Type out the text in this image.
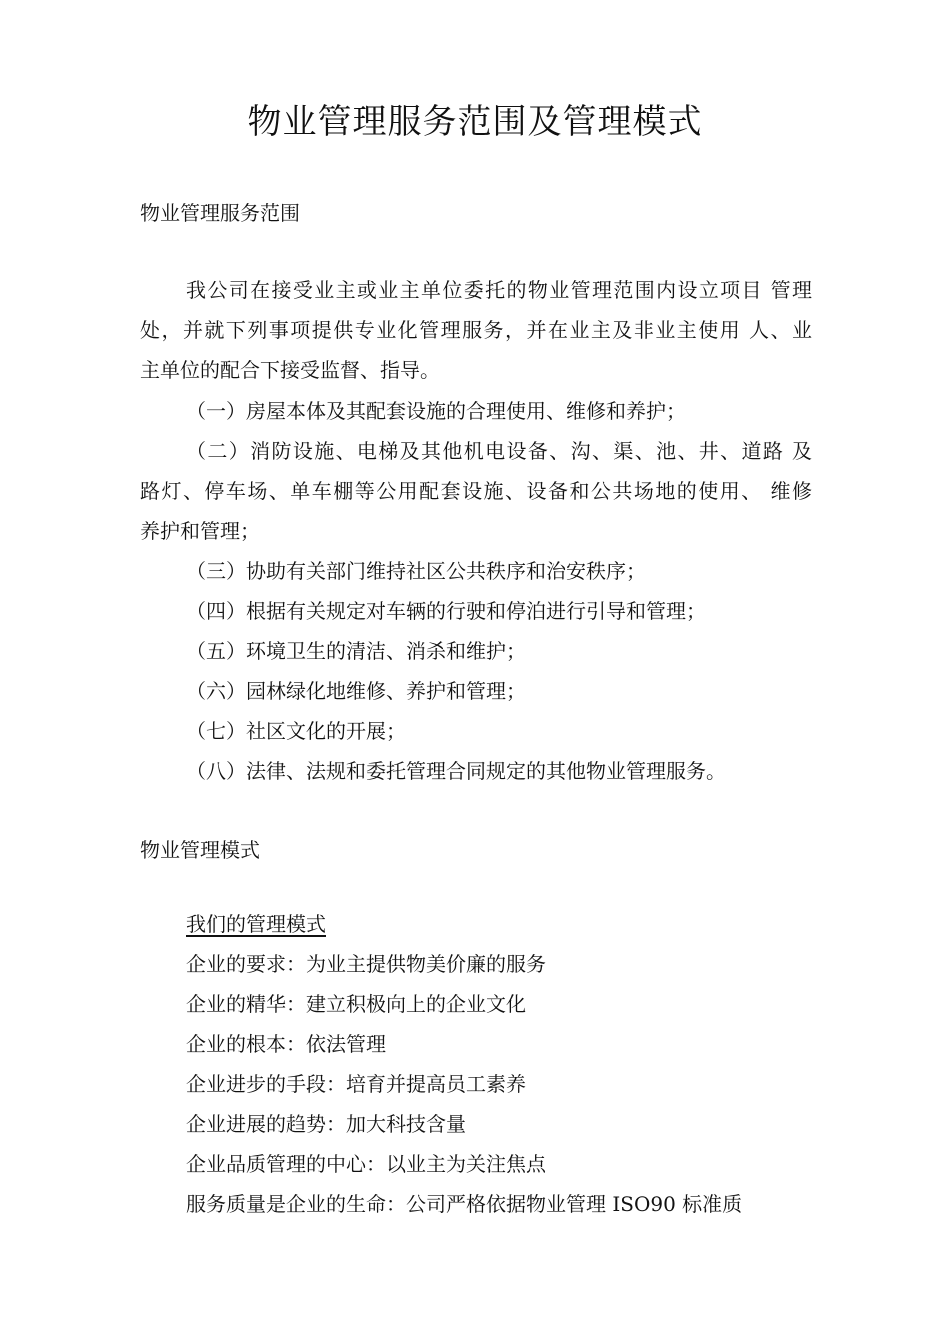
物业管理服务范围及管理模式
物业管理服务范围
我公司在接受业主或业主单位委托的物业管理范围内设立项目 管理
处，并就下列事项提供专业化管理服务，并在业主及非业主使用 人、业
主单位的配合下接受监督、指导。
（一）房屋本体及其配套设施的合理使用、维修和养护；
（二）消防设施、电梯及其他机电设备、沟、渠、池、井、道路 及
路灯、停车场、单车棚等公用配套设施、设备和公共场地的使用、 维修
养护和管理；
（三）协助有关部门维持社区公共秩序和治安秩序；
（四）根据有关规定对车辆的行驶和停泊进行引导和管理；
（五）环境卫生的清洁、消杀和维护；
（六）园林绿化地维修、养护和管理；
（七）社区文化的开展；
（八）法律、法规和委托管理合同规定的其他物业管理服务。
物业管理模式
我们的管理模式
企业的要求：为业主提供物美价廉的服务
企业的精华：建立积极向上的企业文化
企业的根本：依法管理
企业进步的手段：培育并提高员工素养
企业进展的趋势：加大科技含量
企业品质管理的中心：以业主为关注焦点
服务质量是企业的生命：公司严格依据物业管理 ISO90 标准质
